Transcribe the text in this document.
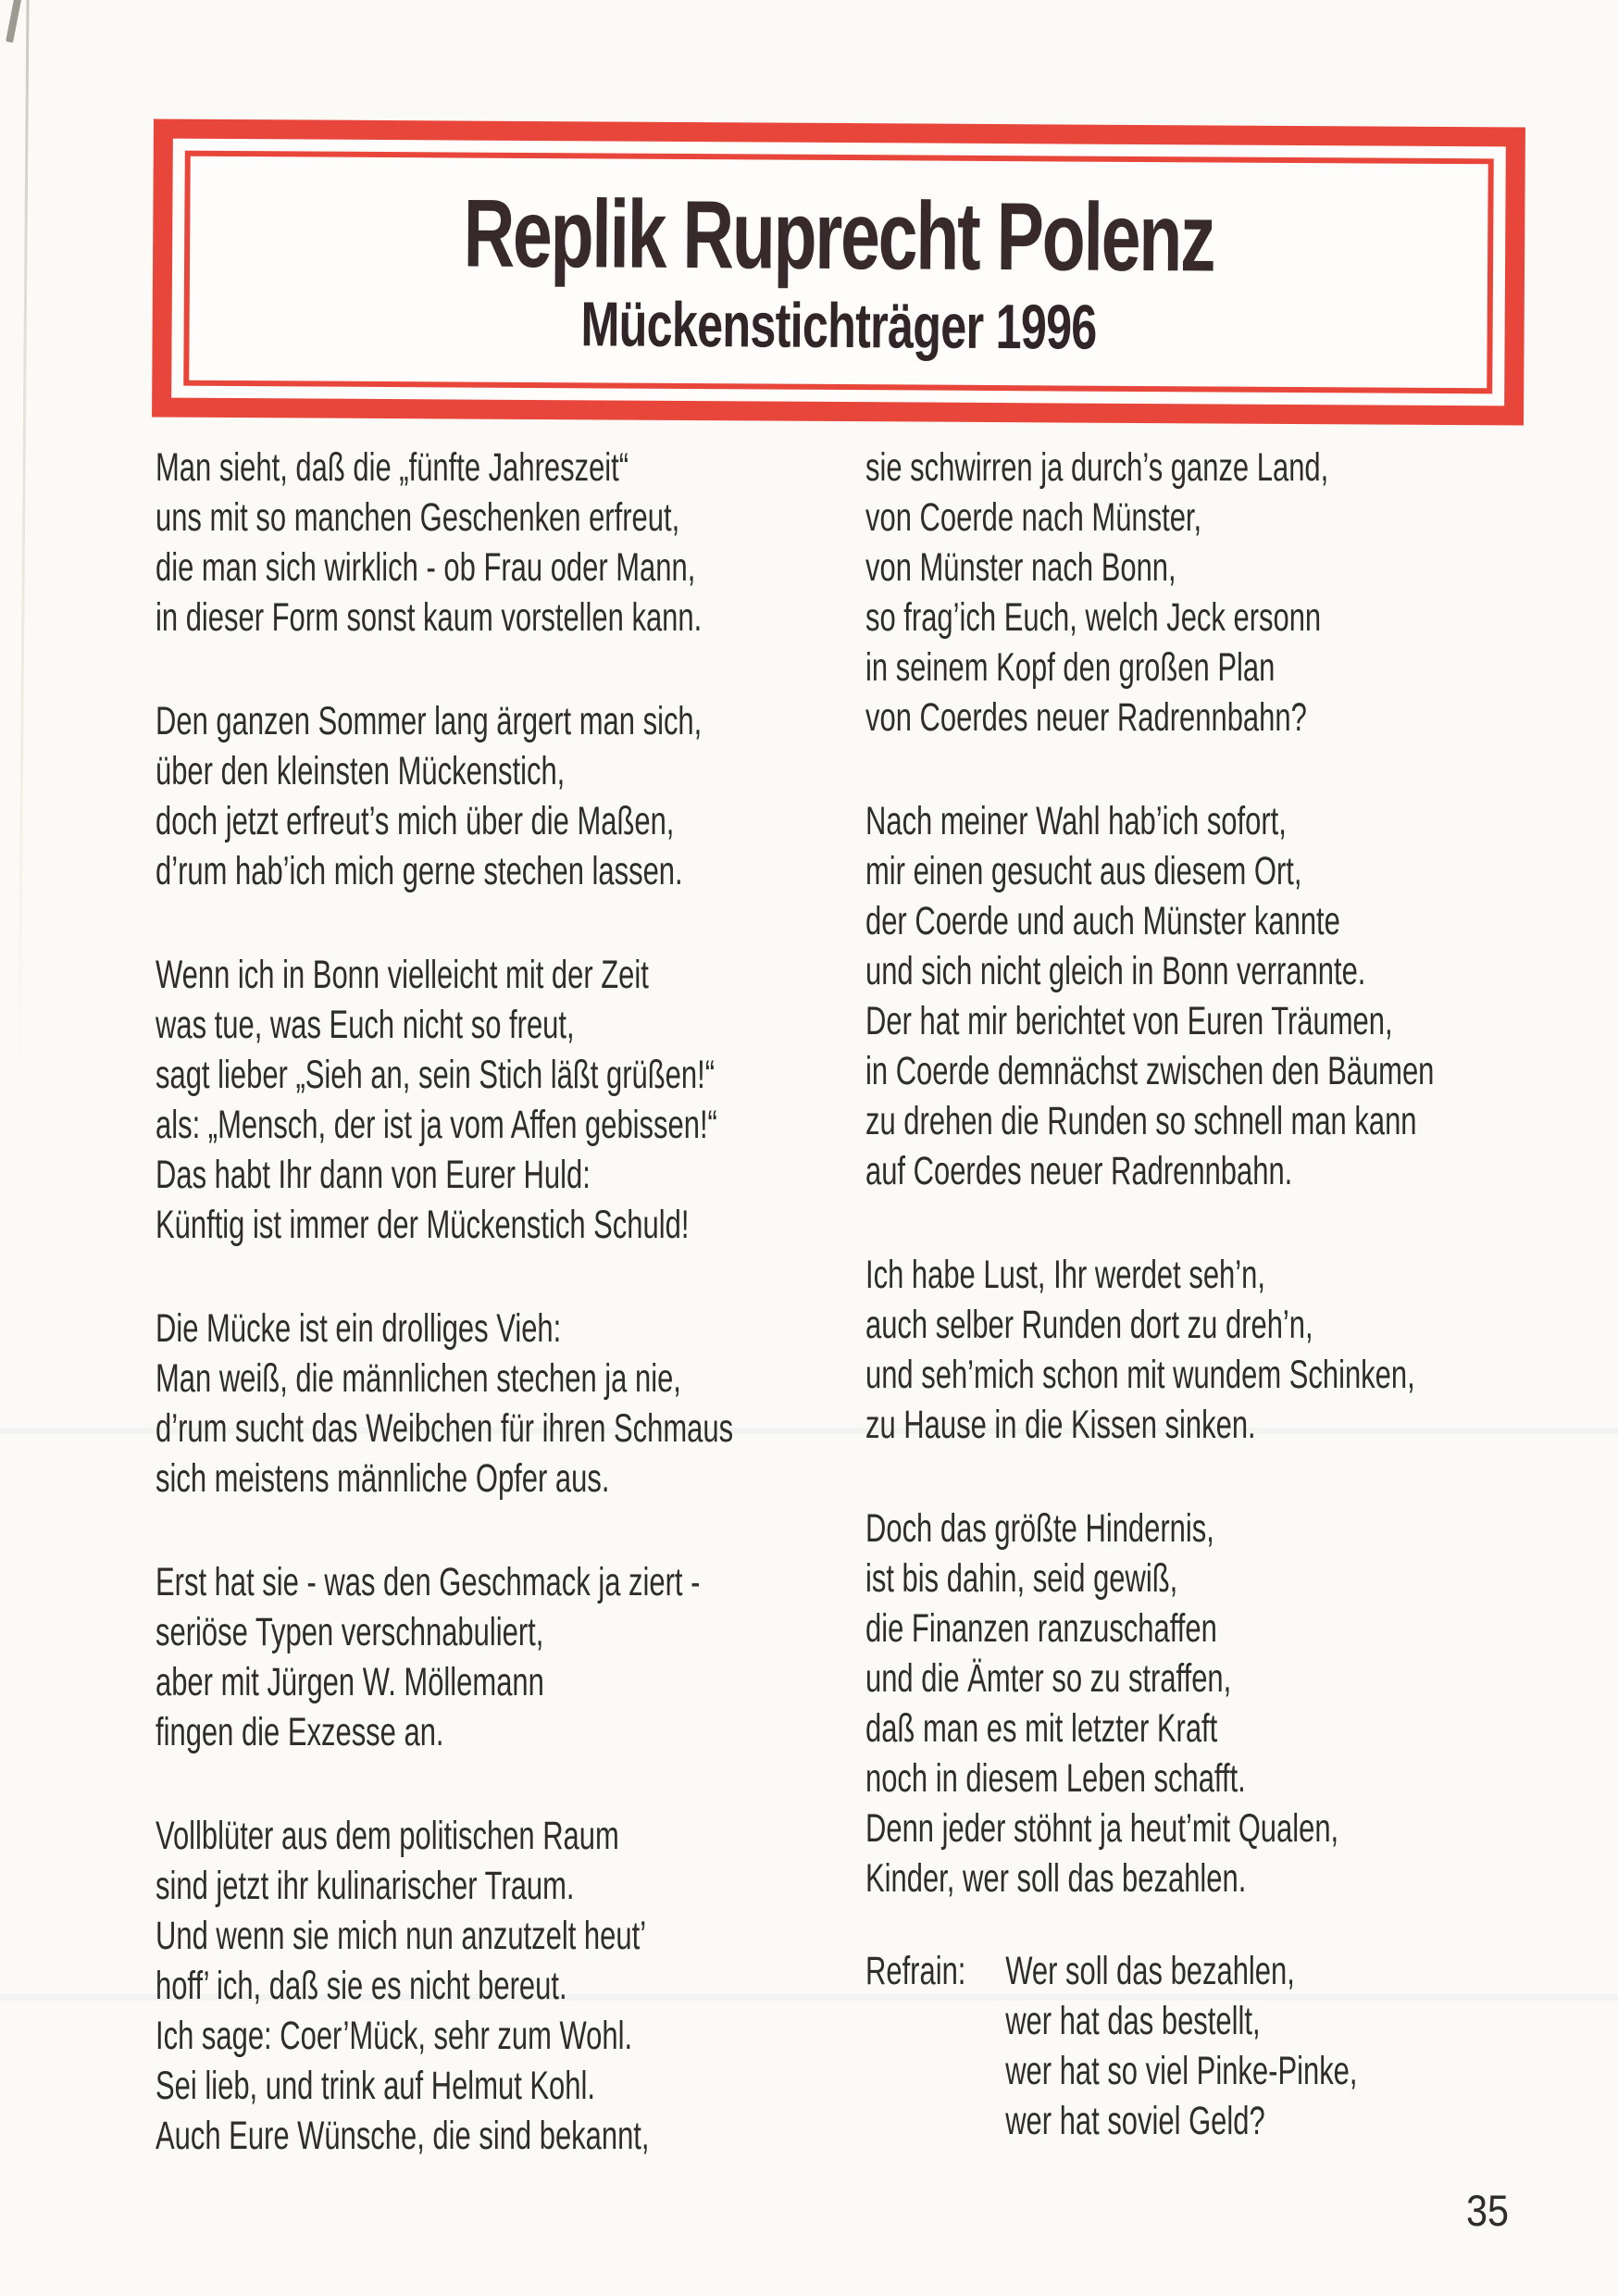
Replik Ruprecht Polenz
Mückenstichträger 1996

Man sieht, daß die „fünfte Jahreszeit“

uns mit so manchen Geschenken erfreut,

die man sich wirklich - ob Frau oder Mann,

in dieser Form sonst kaum vorstellen kann.

Den ganzen Sommer lang ärgert man sich,

über den kleinsten Mückenstich,

doch jetzt erfreut’s mich über die Maßen,

d’rum hab’ich mich gerne stechen lassen.

Wenn ich in Bonn vielleicht mit der Zeit

was tue, was Euch nicht so freut,

sagt lieber „Sieh an, sein Stich läßt grüßen!“

als: „Mensch, der ist ja vom Affen gebissen!“

Das habt Ihr dann von Eurer Huld:

Künftig ist immer der Mückenstich Schuld!

Die Mücke ist ein drolliges Vieh:

Man weiß, die männlichen stechen ja nie,

d’rum sucht das Weibchen für ihren Schmaus

sich meistens männliche Opfer aus.

Erst hat sie - was den Geschmack ja ziert -

seriöse Typen verschnabuliert,

aber mit Jürgen W. Möllemann

fingen die Exzesse an.

Vollblüter aus dem politischen Raum

sind jetzt ihr kulinarischer Traum.

Und wenn sie mich nun anzutzelt heut’

hoff’ ich, daß sie es nicht bereut.

Ich sage: Coer’Mück, sehr zum Wohl.

Sei lieb, und trink auf Helmut Kohl.

Auch Eure Wünsche, die sind bekannt,

sie schwirren ja durch’s ganze Land,

von Coerde nach Münster,

von Münster nach Bonn,

so frag’ich Euch, welch Jeck ersonn

in seinem Kopf den großen Plan

von Coerdes neuer Radrennbahn?

Nach meiner Wahl hab’ich sofort,

mir einen gesucht aus diesem Ort,

der Coerde und auch Münster kannte

und sich nicht gleich in Bonn verrannte.

Der hat mir berichtet von Euren Träumen,

in Coerde demnächst zwischen den Bäumen

zu drehen die Runden so schnell man kann

auf Coerdes neuer Radrennbahn.

Ich habe Lust, Ihr werdet seh’n,

auch selber Runden dort zu dreh’n,

und seh’mich schon mit wundem Schinken,

zu Hause in die Kissen sinken.

Doch das größte Hindernis,

ist bis dahin, seid gewiß,

die Finanzen ranzuschaffen

und die Ämter so zu straffen,

daß man es mit letzter Kraft

noch in diesem Leben schafft.

Denn jeder stöhnt ja heut’mit Qualen,

Kinder, wer soll das bezahlen.

Refrain: Wer soll das bezahlen,

wer hat das bestellt,

wer hat so viel Pinke-Pinke,

wer hat soviel Geld?

35
